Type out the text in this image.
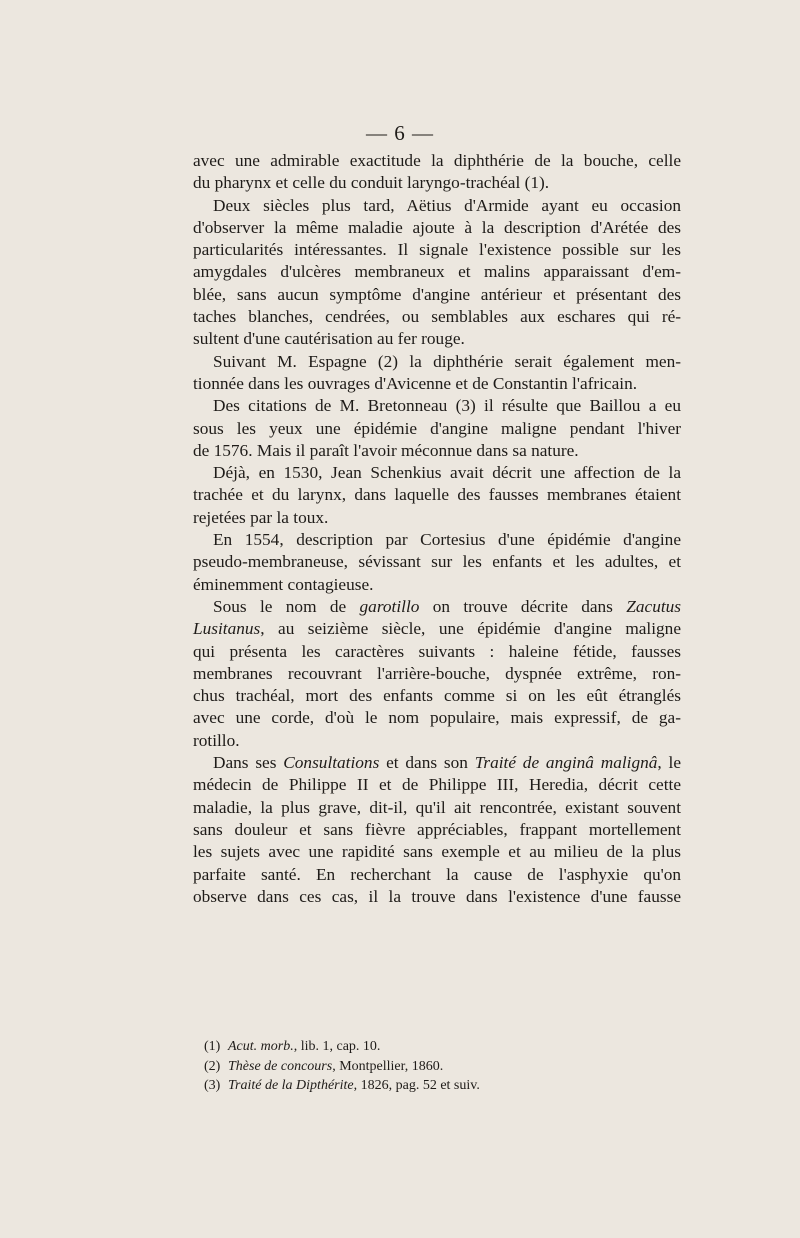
— 6 —
avec une admirable exactitude la diphthérie de la bouche, celle
du pharynx et celle du conduit laryngo-trachéal (1).
Deux siècles plus tard, Aëtius d'Armide ayant eu occasion
d'observer la même maladie ajoute à la description d'Arétée des
particularités intéressantes. Il signale l'existence possible sur les
amygdales d'ulcères membraneux et malins apparaissant d'em-
blée, sans aucun symptôme d'angine antérieur et présentant des
taches blanches, cendrées, ou semblables aux eschares qui ré-
sultent d'une cautérisation au fer rouge.
Suivant M. Espagne (2) la diphthérie serait également men-
tionnée dans les ouvrages d'Avicenne et de Constantin l'africain.
Des citations de M. Bretonneau (3) il résulte que Baillou a eu
sous les yeux une épidémie d'angine maligne pendant l'hiver
de 1576. Mais il paraît l'avoir méconnue dans sa nature.
Déjà, en 1530, Jean Schenkius avait décrit une affection de la
trachée et du larynx, dans laquelle des fausses membranes étaient
rejetées par la toux.
En 1554, description par Cortesius d'une épidémie d'angine
pseudo-membraneuse, sévissant sur les enfants et les adultes, et
éminemment contagieuse.
Sous le nom de garotillo on trouve décrite dans Zacutus
Lusitanus, au seizième siècle, une épidémie d'angine maligne
qui présenta les caractères suivants : haleine fétide, fausses
membranes recouvrant l'arrière-bouche, dyspnée extrême, ron-
chus trachéal, mort des enfants comme si on les eût étranglés
avec une corde, d'où le nom populaire, mais expressif, de ga-
rotillo.
Dans ses Consultations et dans son Traité de anginâ malignâ, le
médecin de Philippe II et de Philippe III, Heredia, décrit cette
maladie, la plus grave, dit-il, qu'il ait rencontrée, existant souvent
sans douleur et sans fièvre appréciables, frappant mortellement
les sujets avec une rapidité sans exemple et au milieu de la plus
parfaite santé. En recherchant la cause de l'asphyxie qu'on
observe dans ces cas, il la trouve dans l'existence d'une fausse
(1) Acut. morb., lib. 1, cap. 10.
(2) Thèse de concours, Montpellier, 1860.
(3) Traité de la Dipthérite, 1826, pag. 52 et suiv.
